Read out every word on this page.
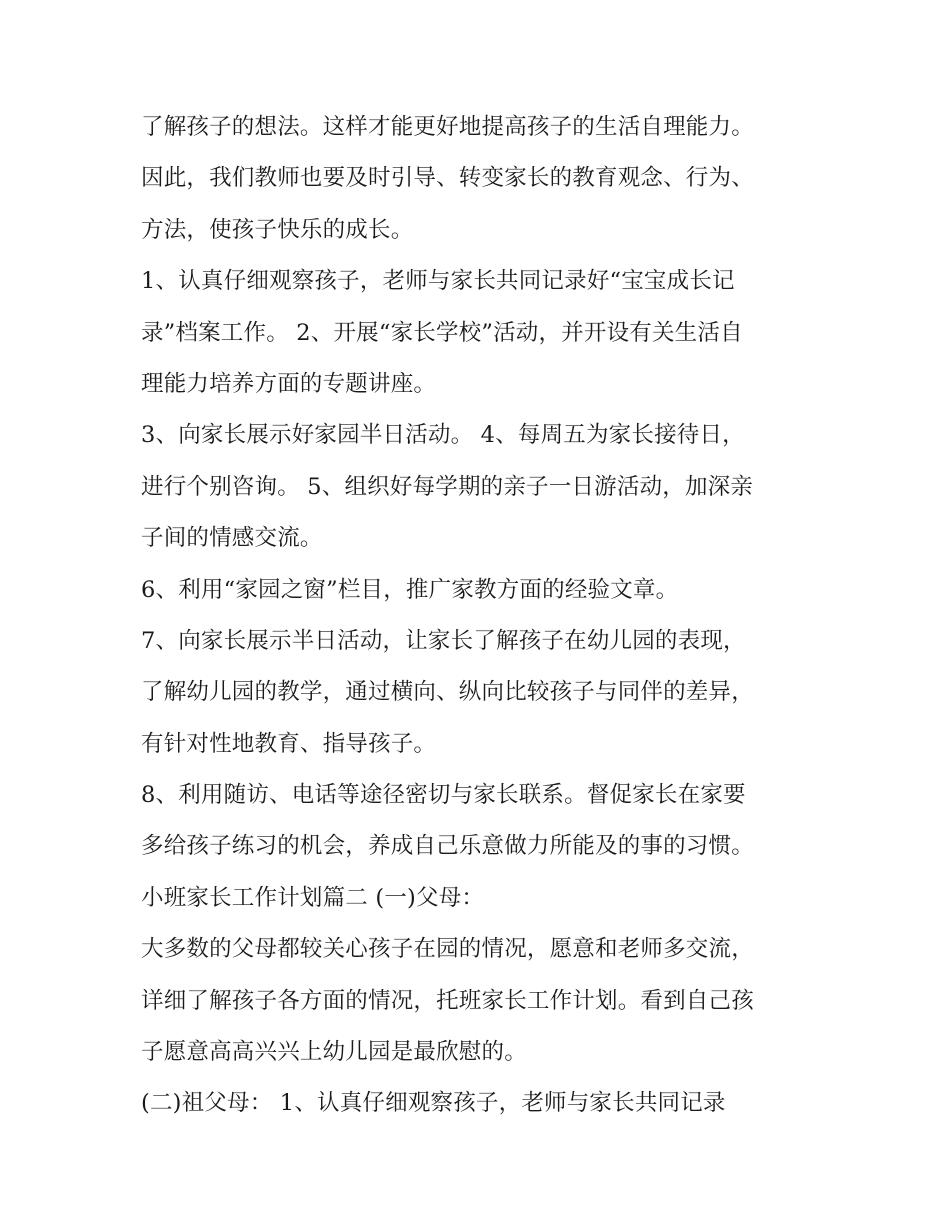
了解孩子的想法。这样才能更好地提高孩子的生活自理能力。
因此，我们教师也要及时引导、转变家长的教育观念、行为、
方法，使孩子快乐的成长。
1、认真仔细观察孩子，老师与家长共同记录好“宝宝成长记
录”档案工作。 2、开展“家长学校”活动，并开设有关生活自
理能力培养方面的专题讲座。
3、向家长展示好家园半日活动。 4、每周五为家长接待日，
进行个别咨询。 5、组织好每学期的亲子一日游活动，加深亲
子间的情感交流。
6、利用“家园之窗”栏目，推广家教方面的经验文章。
7、向家长展示半日活动，让家长了解孩子在幼儿园的表现，
了解幼儿园的教学，通过横向、纵向比较孩子与同伴的差异，
有针对性地教育、指导孩子。
8、利用随访、电话等途径密切与家长联系。督促家长在家要
多给孩子练习的机会，养成自己乐意做力所能及的事的习惯。
小班家长工作计划篇二 (一)父母：
大多数的父母都较关心孩子在园的情况，愿意和老师多交流，
详细了解孩子各方面的情况，托班家长工作计划。看到自己孩
子愿意高高兴兴上幼儿园是最欣慰的。
(二)祖父母： 1、认真仔细观察孩子，老师与家长共同记录
